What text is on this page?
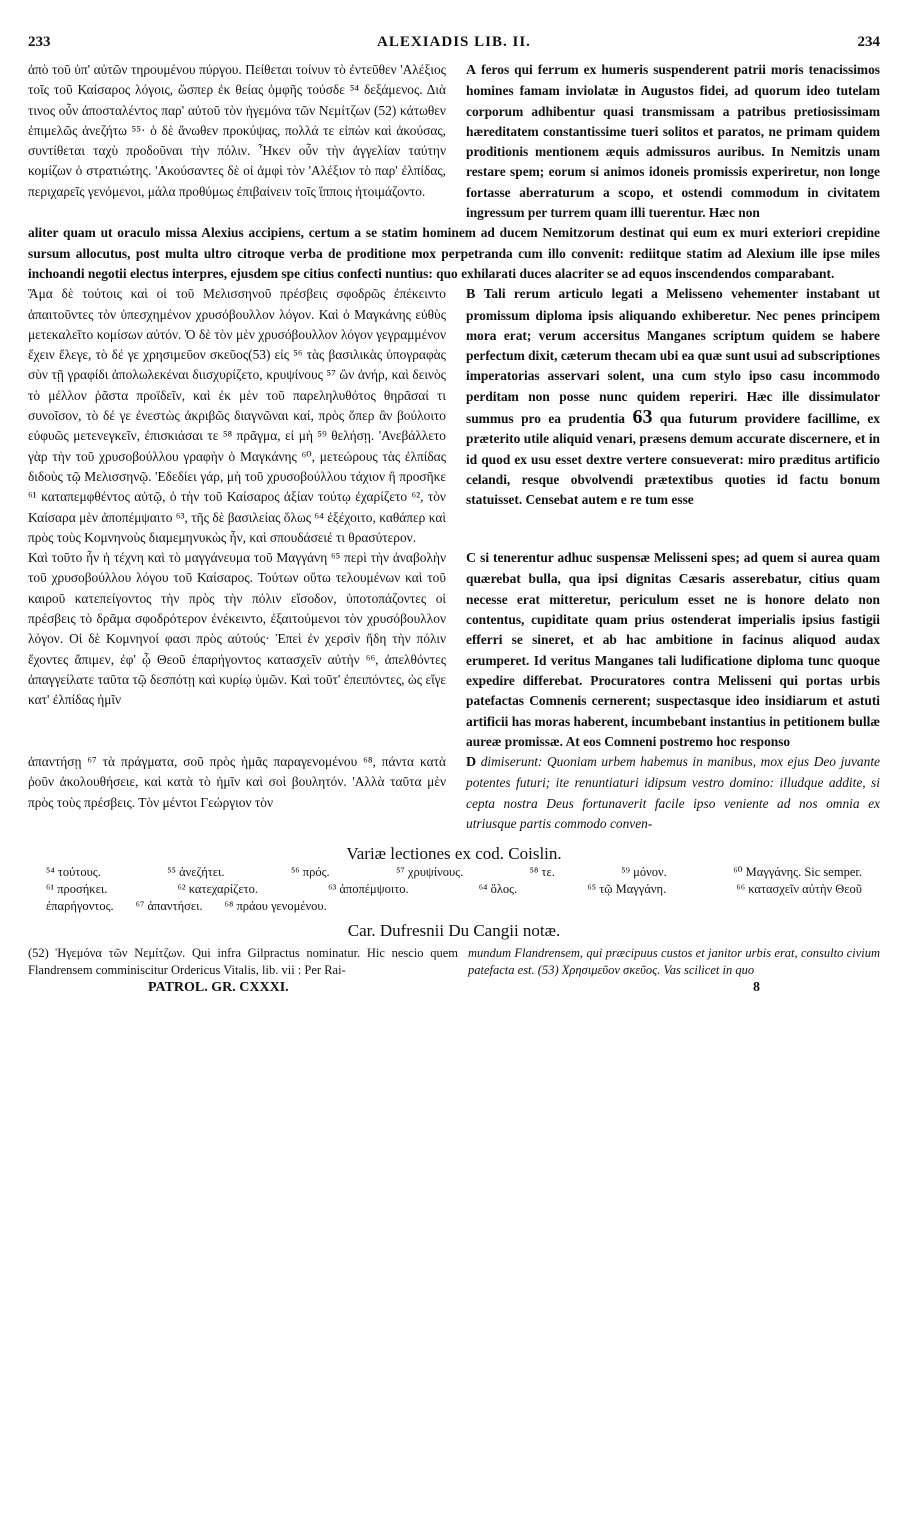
233	ALEXIADIS LIB. II.	234

ἀπὸ τοῦ ὑπ' αὐτῶν τηρουμένου πύργου. Πείθεται τοίνυν τὸ ἐντεῦθεν 'Αλέξιος τοῖς τοῦ Καίσαρος λόγοις, ὥσπερ ἐκ θείας ὀμφῆς τούσδε ⁵⁴ δεξάμενος. Διὰ τινος οὖν ἀποσταλέντος παρ' αὐτοῦ τὸν ἡγεμόνα τῶν Νεμίτζων (52) κάτωθεν ἐπιμελῶς ἀνεζήτω ⁵⁵· ὁ δὲ ἄνωθεν προκύψας, πολλά τε εἰπὼν καὶ ἀκούσας, συντίθεται ταχὺ προδοῦναι τὴν πόλιν. Ἧκεν οὖν τὴν ἀγγελίαν ταύτην κομίζων ὁ στρατιώτης. 'Ακούσαντες δὲ οἱ ἀμφὶ τὸν 'Αλέξιον τὸ παρ' ἐλπίδας, περιχαρεῖς γενόμενοι, μάλα προθύμως ἐπιβαίνειν τοῖς ἵπποις ἡτοιμάζοντο.

A feros qui ferrum ex humeris suspenderent patrii moris tenacissimos homines famam inviolatæ in Augustos fidei, ad quorum ideo tutelam corporum adhibentur quasi transmissam a patribus pretiosissimam hæreditatem constantissime tueri solitos et paratos, ne primam quidem proditionis mentionem æquis admissuros auribus. In Nemitzis unam restare spem; eorum si animos idoneis promissis experiretur, non longe fortasse aberraturum a scopo, et ostendi commodum in civitatem ingressum per turrem quam illi tuerentur. Hæc non

aliter quam ut oraculo missa Alexius accipiens, certum a se statim hominem ad ducem Nemitzorum destinat qui eum ex muri exteriori crepidine sursum allocutus, post multa ultro citroque verba de proditione mox perpetranda cum illo convenit: rediitque statim ad Alexium ille ipse miles inchoandi negotii electus interpres, ejusdem spe citius confecti nuntius: quo exhilarati duces alacriter se ad equos inscendendos comparabant.

Ἅμα δὲ τούτοις καὶ οἱ τοῦ Μελισσηνοῦ πρέσβεις σφοδρῶς ἐπέκειντο ἀπαιτοῦντες τὸν ὑπεσχημένον χρυσόβουλλον λόγον. Καὶ ὁ Μαγκάνης εὐθὺς μετεκαλεῖτο κομίσων αὐτόν. Ὁ δὲ τὸν μὲν χρυσόβουλλον λόγον γεγραμμένον ἔχειν ἔλεγε, τὸ δέ γε χρησιμεῦον σκεῦος(53) εἰς ⁵⁶ τὰς βασιλικὰς ὑπογραφὰς σὺν τῇ γραφίδι ἀπολωλεκέναι διισχυρίζετο, κρυψίνους ⁵⁷ ὢν ἀνήρ, καὶ δεινὸς τὸ μέλλον ῥᾶστα προϊδεῖν, καὶ ἐκ μὲν τοῦ παρεληλυθότος θηρᾶσαί τι συνοῖσον, τὸ δέ γε ἐνεστὼς ἀκριβῶς διαγνῶναι καί, πρὸς ὅπερ ἂν βούλοιτο εὐφυῶς μετενεγκεῖν, ἐπισκιάσαι τε ⁵⁸ πρᾶγμα, εἰ μὴ ⁵⁹ θελήσῃ. 'Ανεβάλλετο γὰρ τὴν τοῦ χρυσοβούλλου γραφὴν ὁ Μαγκάνης ⁶⁰, μετεώρους τὰς ἐλπίδας διδοὺς τῷ Μελισσηνῷ. 'Εδεδίει γάρ, μὴ τοῦ χρυσοβούλλου τάχιον ἢ προσῆκε ⁶¹ καταπεμφθέντος αὐτῷ, ὁ τὴν τοῦ Καίσαρος ἀξίαν τούτῳ ἐχαρίζετο ⁶², τὸν Καίσαρα μὲν ἀποπέμψαιτο ⁶³, τῆς δὲ βασιλείας ὅλως ⁶⁴ ἐξέχοιτο, καθάπερ καὶ πρὸς τοὺς Κομνηνοὺς διαμεμηνυκὼς ἦν, καὶ σπουδάσειέ τι θρασύτερον.

B Tali rerum articulo legati a Melisseno vehementer instabant ut promissum diploma ipsis aliquando exhiberetur. Nec penes principem mora erat; verum accersitus Manganes scriptum quidem se habere perfectum dixit, cæterum thecam ubi ea quæ sunt usui ad subscriptiones imperatorias asservari solent, una cum stylo ipso casu incommodo perditam non posse nunc quidem reperiri. Hæc ille dissimulator summus pro ea prudentia 63 qua futurum providere facillime, ex præterito utile aliquid venari, præsens demum accurate discernere, et in id quod ex usu esset dextre vertere consueverat: miro præditus artificio celandi, resque obvolvendi prætextibus quoties id factu bonum statuisset. Censebat autem e re tum esse

Καὶ τοῦτο ἦν ἡ τέχνη καὶ τὸ μαγγάνευμα τοῦ Μαγγάνη ⁶⁵ περὶ τὴν ἀναβολὴν τοῦ χρυσοβούλλου λόγου τοῦ Καίσαρος. Τούτων οὕτω τελουμένων καὶ τοῦ καιροῦ κατεπείγοντος τὴν πρὸς τὴν πόλιν εἴσοδον, ὑποτοπάζοντες οἱ πρέσβεις τὸ δρᾶμα σφοδρότερον ἐνέκειντο, ἐξαιτούμενοι τὸν χρυσόβουλλον λόγον. Οἱ δὲ Κομνηνοί φασι πρὸς αὐτούς· Ἐπεὶ ἐν χερσὶν ἤδη τὴν πόλιν ἔχοντες ἄπιμεν, ἐφ' ᾧ Θεοῦ ἐπαρήγοντος κατασχεῖν αὐτὴν ⁶⁶, ἀπελθόντες ἀπαγγείλατε ταῦτα τῷ δεσπότῃ καὶ κυρίῳ ὑμῶν. Καὶ τοῦτ' ἐπειπόντες, ὡς εἴγε κατ' ἐλπίδας ἡμῖν

C si tenerentur adhuc suspensæ Melisseni spes; ad quem si aurea quam quærebat bulla, qua ipsi dignitas Cæsaris asserebatur, citius quam necesse erat mitteretur, periculum esset ne is honore delato non contentus, cupiditate quam prius ostenderat imperialis ipsius fastigii efferri se sineret, et ab hac ambitione in facinus aliquod audax erumperet. Id veritus Manganes tali ludificatione diploma tunc quoque expedire differebat. Procuratores contra Melisseni qui portas urbis patefactas Comnenis cernerent; suspectasque ideo insidiarum et astuti artificii has moras haberent, incumbebant instantius in petitionem bullæ aureæ promissæ. At eos Comneni postremo hoc responso

ἀπαντήσῃ ⁶⁷ τὰ πράγματα, σοῦ πρὸς ἡμᾶς παραγενομένου ⁶⁸, πάντα κατὰ ῥοῦν ἀκολουθήσειε, καὶ κατὰ τὸ ἡμῖν καὶ σοὶ βουλητόν. 'Αλλὰ ταῦτα μὲν πρὸς τοὺς πρέσβεις. Τὸν μέντοι Γεώργιον τὸν

D dimiserunt: Quoniam urbem habemus in manibus, mox ejus Deo juvante potentes futuri; ite renuntiaturi idipsum vestro domino: illudque addite, si cepta nostra Deus fortunaverit facile ipso veniente ad nos omnia ex utriusque partis commodo conven-

Variæ lectiones ex cod. Coislin.
⁵⁴ τούτους.	⁵⁵ ἀνεζήτει.	⁵⁶ πρός.	⁵⁷ χρυψίνους.	⁵⁸ τε.	⁵⁹ μόνον.	⁶⁰ Μαγγάνης. Sic semper.
⁶¹ προσήκει.	⁶² κατεχαρίζετο.	⁶³ ἀποπέμψοιτο.	⁶⁴ ὅλος.	⁶⁵ τῷ Μαγγάνη.	⁶⁶ κατασχεῖν αὐτὴν Θεοῦ
ἐπαρήγοντος. ⁶⁷ ἀπαντήσει. ⁶⁸ πράου γενομένου.
Car. Dufresnii Du Cangii notæ.
(52) Ἡγεμόνα τῶν Νεμίτζων. Qui infra Gilpractus nominatur. Hic nescio quem Flandrensem comminiscitur Ordericus Vitalis, lib. vii : Per Rai-
mundum Flandrensem, qui præcipuus custos et janitor urbis erat, consulto civium patefacta est. (53) Χρησιμεῦον σκεῦος. Vas scilicet in quo
PATROL. GR. CXXXI.	8
